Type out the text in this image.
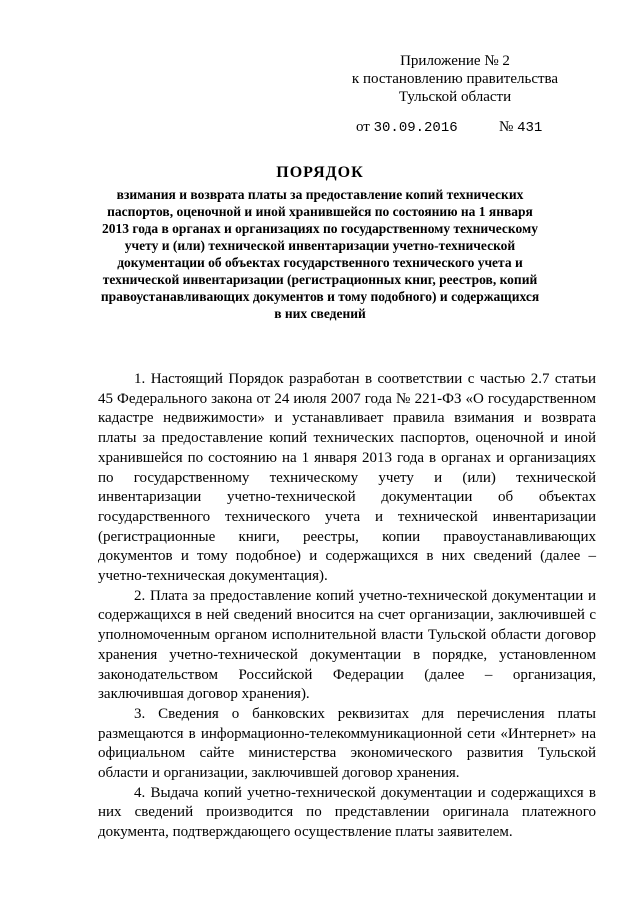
Приложение № 2
к постановлению правительства
Тульской области
от 30.09.2016	№ 431
ПОРЯДОК
взимания и возврата платы за предоставление копий технических паспортов, оценочной и иной хранившейся по состоянию на 1 января 2013 года в органах и организациях по государственному техническому учету и (или) технической инвентаризации учетно-технической документации об объектах государственного технического учета и технической инвентаризации (регистрационных книг, реестров, копий правоустанавливающих документов и тому подобного) и содержащихся в них сведений

1. Настоящий Порядок разработан в соответствии с частью 2.7 статьи 45 Федерального закона от 24 июля 2007 года № 221-ФЗ «О государственном кадастре недвижимости» и устанавливает правила взимания и возврата платы за предоставление копий технических паспортов, оценочной и иной хранившейся по состоянию на 1 января 2013 года в органах и организациях по государственному техническому учету и (или) технической инвентаризации учетно-технической документации об объектах государственного технического учета и технической инвентаризации (регистрационные книги, реестры, копии правоустанавливающих документов и тому подобное) и содержащихся в них сведений (далее – учетно-техническая документация).

2. Плата за предоставление копий учетно-технической документации и содержащихся в ней сведений вносится на счет организации, заключившей с уполномоченным органом исполнительной власти Тульской области договор хранения учетно-технической документации в порядке, установленном законодательством Российской Федерации (далее – организация, заключившая договор хранения).

3. Сведения о банковских реквизитах для перечисления платы размещаются в информационно-телекоммуникационной сети «Интернет» на официальном сайте министерства экономического развития Тульской области и организации, заключившей договор хранения.

4. Выдача копий учетно-технической документации и содержащихся в них сведений производится по представлении оригинала платежного документа, подтверждающего осуществление платы заявителем.
